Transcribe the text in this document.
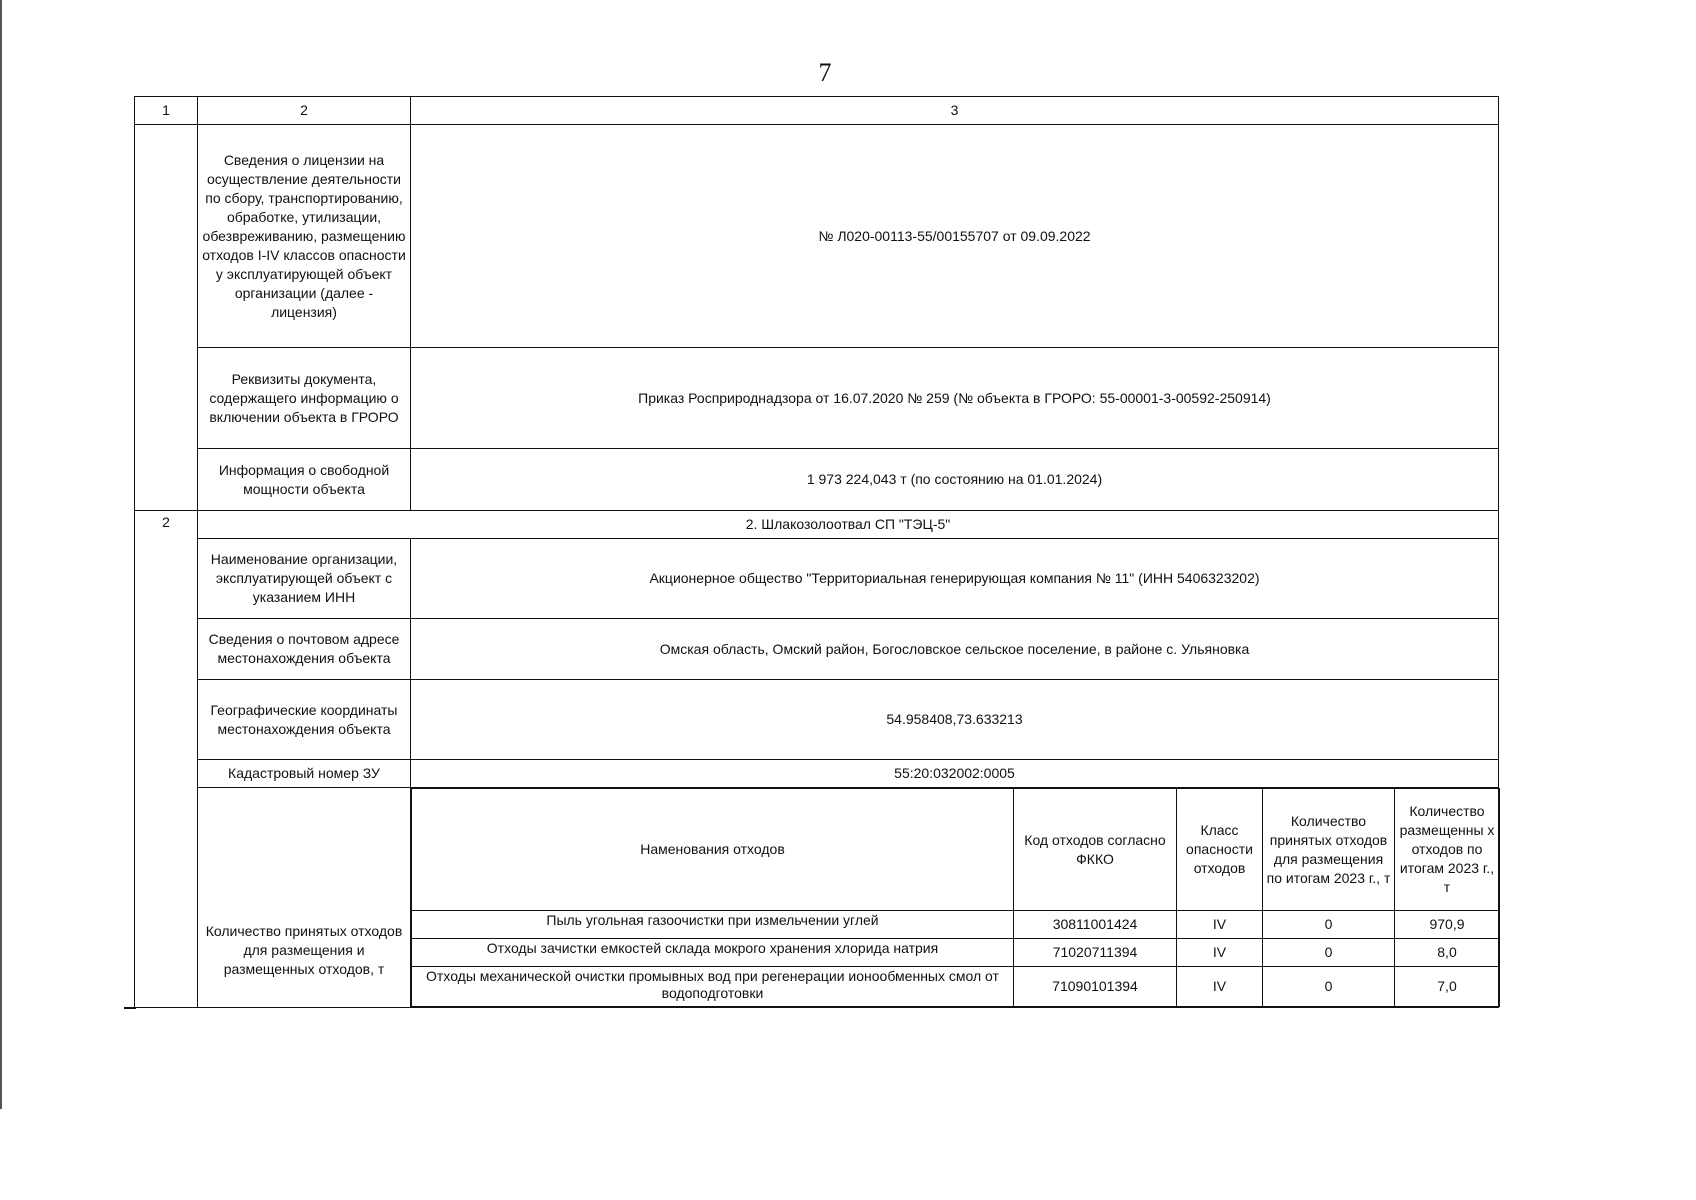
7
1	2	3
	Сведения о лицензии на осуществление деятельности по сбору, транспортированию, обработке, утилизации, обезвреживанию, размещению отходов I-IV классов опасности у эксплуатирующей объект организации (далее - лицензия)	№ Л020-00113-55/00155707 от 09.09.2022
Реквизиты документа, содержащего информацию о включении объекта в ГРОРО	Приказ Росприроднадзора от 16.07.2020 № 259 (№ объекта в ГРОРО: 55-00001-3-00592-250914)
Информация о свободной мощности объекта	1 973 224,043 т (по состоянию на 01.01.2024)
2	2. Шлакозолоотвал СП "ТЭЦ-5"
Наименование организации, эксплуатирующей объект с указанием ИНН	Акционерное общество "Территориальная генерирующая компания № 11" (ИНН 5406323202)
Сведения о почтовом адресе местонахождения объекта	Омская область, Омский район, Богословское сельское поселение, в районе с. Ульяновка
Географические координаты местонахождения объекта	54.958408,73.633213
Кадастровый номер ЗУ	55:20:032002:0005
Количество принятых отходов для размещения и размещенных отходов, т	
Наменования отходов	Код отходов согласно ФККО	Класс опасности отходов	Количество принятых отходов для размещения по итогам 2023 г., т	Количество размещенны х отходов по итогам 2023 г., т
Пыль угольная газоочистки при измельчении углей	30811001424	IV	0	970,9
Отходы зачистки емкостей склада мокрого хранения хлорида натрия	71020711394	IV	0	8,0
Отходы механической очистки промывных вод при регенерации ионообменных смол от водоподготовки	71090101394	IV	0	7,0
